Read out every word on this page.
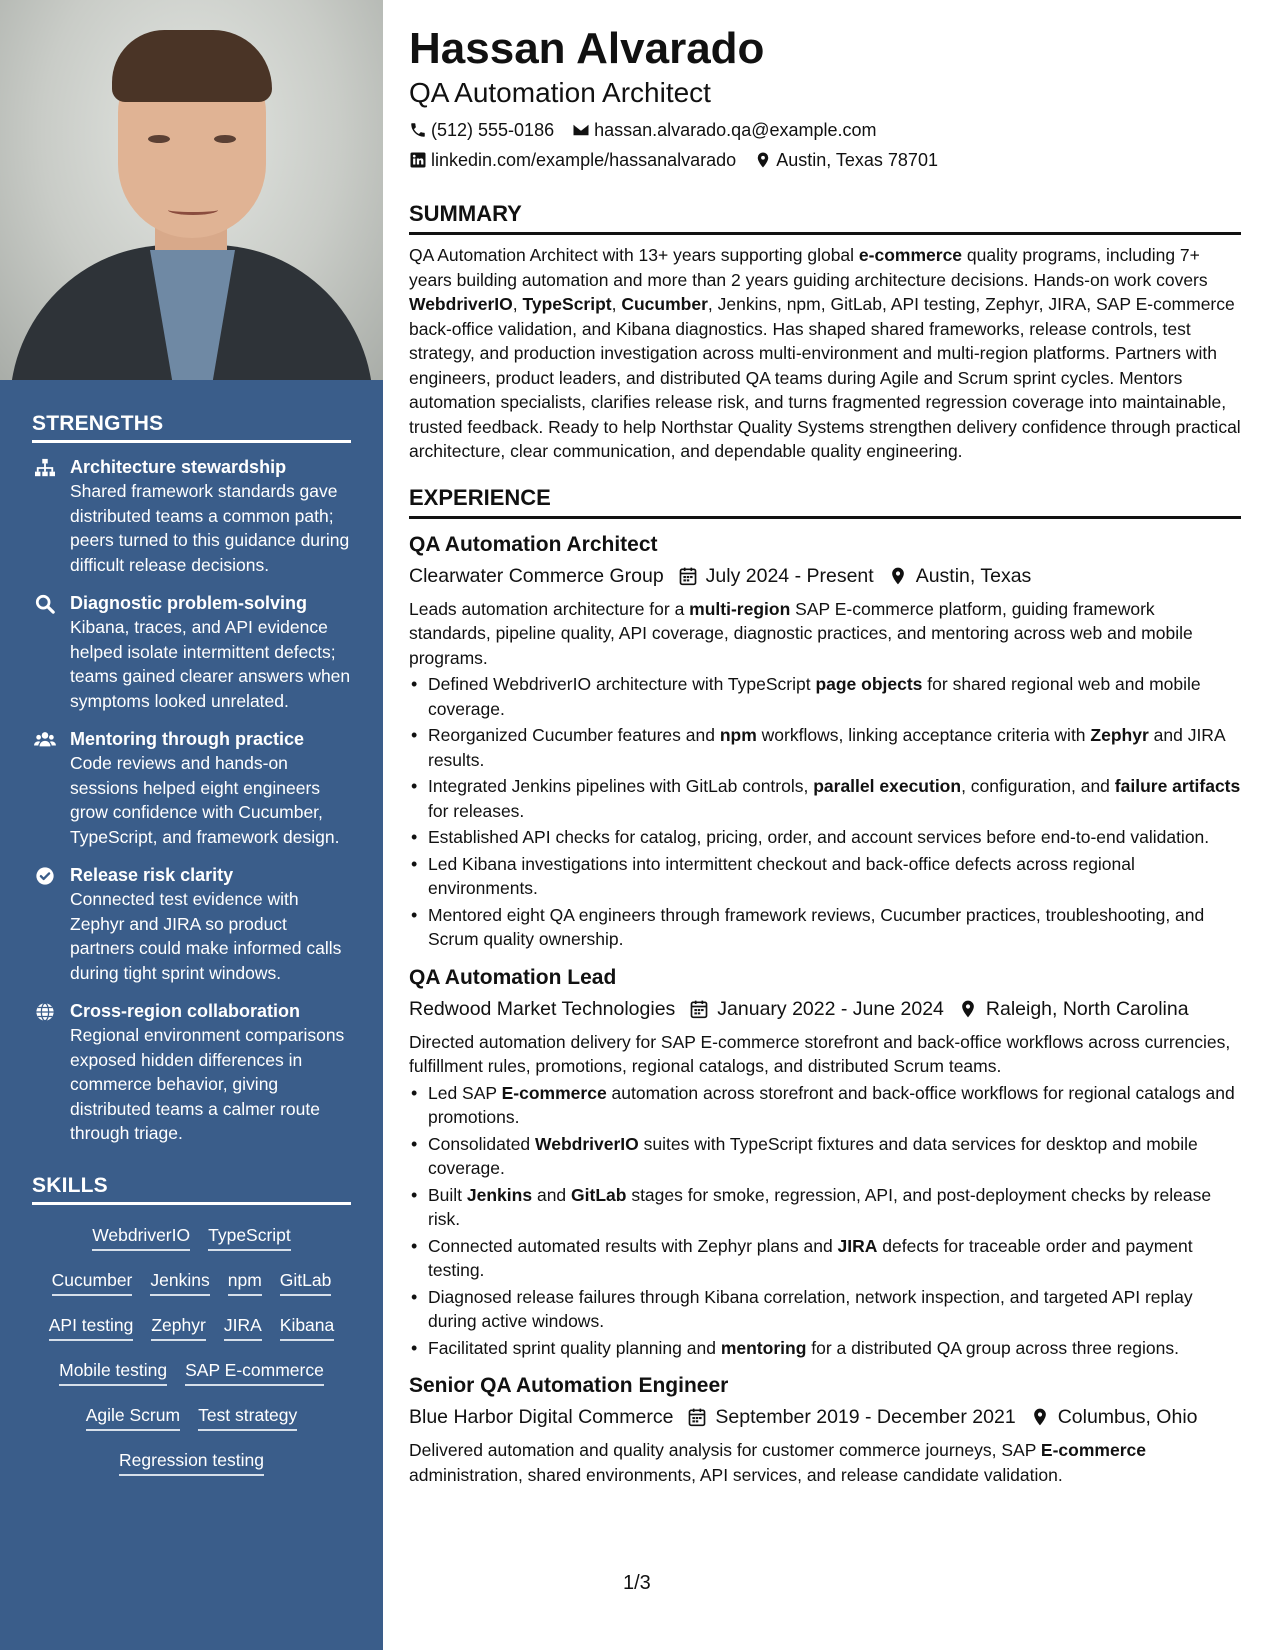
STRENGTHS
Architecture stewardship
Shared framework standards gave distributed teams a common path; peers turned to this guidance during difficult release decisions.
Diagnostic problem-solving
Kibana, traces, and API evidence helped isolate intermittent defects; teams gained clearer answers when symptoms looked unrelated.
Mentoring through practice
Code reviews and hands-on sessions helped eight engineers grow confidence with Cucumber, TypeScript, and framework design.
Release risk clarity
Connected test evidence with Zephyr and JIRA so product partners could make informed calls during tight sprint windows.
Cross-region collaboration
Regional environment comparisons exposed hidden differences in commerce behavior, giving distributed teams a calmer route through triage.
SKILLS
WebdriverIO TypeScript
Cucumber Jenkins npm GitLab
API testing Zephyr JIRA Kibana
Mobile testing SAP E-commerce
Agile Scrum Test strategy
Regression testing
Hassan Alvarado
QA Automation Architect
(512) 555-0186 hassan.alvarado.qa@example.com
linkedin.com/example/hassanalvarado Austin, Texas 78701
SUMMARY
QA Automation Architect with 13+ years supporting global e-commerce quality programs, including 7+ years building automation and more than 2 years guiding architecture decisions. Hands-on work covers WebdriverIO, TypeScript, Cucumber, Jenkins, npm, GitLab, API testing, Zephyr, JIRA, SAP E-commerce back-office validation, and Kibana diagnostics. Has shaped shared frameworks, release controls, test strategy, and production investigation across multi-environment and multi-region platforms. Partners with engineers, product leaders, and distributed QA teams during Agile and Scrum sprint cycles. Mentors automation specialists, clarifies release risk, and turns fragmented regression coverage into maintainable, trusted feedback. Ready to help Northstar Quality Systems strengthen delivery confidence through practical architecture, clear communication, and dependable quality engineering.
EXPERIENCE
QA Automation Architect
Clearwater Commerce Group July 2024 - Present Austin, Texas
Leads automation architecture for a multi-region SAP E-commerce platform, guiding framework standards, pipeline quality, API coverage, diagnostic practices, and mentoring across web and mobile programs.
• Defined WebdriverIO architecture with TypeScript page objects for shared regional web and mobile coverage.
• Reorganized Cucumber features and npm workflows, linking acceptance criteria with Zephyr and JIRA results.
• Integrated Jenkins pipelines with GitLab controls, parallel execution, configuration, and failure artifacts for releases.
• Established API checks for catalog, pricing, order, and account services before end-to-end validation.
• Led Kibana investigations into intermittent checkout and back-office defects across regional environments.
• Mentored eight QA engineers through framework reviews, Cucumber practices, troubleshooting, and Scrum quality ownership.
QA Automation Lead
Redwood Market Technologies January 2022 - June 2024 Raleigh, North Carolina
Directed automation delivery for SAP E-commerce storefront and back-office workflows across currencies, fulfillment rules, promotions, regional catalogs, and distributed Scrum teams.
• Led SAP E-commerce automation across storefront and back-office workflows for regional catalogs and promotions.
• Consolidated WebdriverIO suites with TypeScript fixtures and data services for desktop and mobile coverage.
• Built Jenkins and GitLab stages for smoke, regression, API, and post-deployment checks by release risk.
• Connected automated results with Zephyr plans and JIRA defects for traceable order and payment testing.
• Diagnosed release failures through Kibana correlation, network inspection, and targeted API replay during active windows.
• Facilitated sprint quality planning and mentoring for a distributed QA group across three regions.
Senior QA Automation Engineer
Blue Harbor Digital Commerce September 2019 - December 2021 Columbus, Ohio
Delivered automation and quality analysis for customer commerce journeys, SAP E-commerce administration, shared environments, API services, and release candidate validation.
1/3
